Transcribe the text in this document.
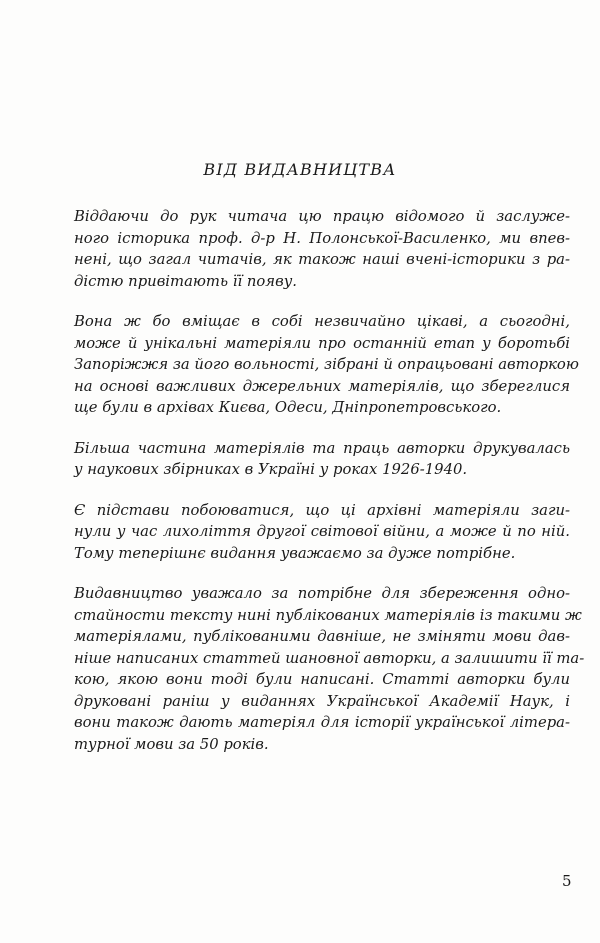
ВІД ВИДАВНИЦТВА

Віддаючи до рук читача цю працю відомого й заслуже-
ного історика проф. д-р Н. Полонської-Василенко, ми впев-
нені, що загал читачів, як також наші вчені-історики з ра-
дістю привітають її появу.

Вона ж бо вміщає в собі незвичайно цікаві, а сьогодні,
може й унікальні матеріяли про останній етап у боротьбі
Запоріжжя за його вольності, зібрані й опрацьовані авторкою
на основі важливих джерельних матеріялів, що збереглися
ще були в архівах Києва, Одеси, Дніпропетровського.

Більша частина матеріялів та праць авторки друкувалась
у наукових збірниках в Україні у роках 1926-1940.

Є підстави побоюватися, що ці архівні матеріяли заги-
нули у час лихоліття другої світової війни, а може й по ній.
Тому теперішнє видання уважаємо за дуже потрібне.

Видавництво уважало за потрібне для збереження одно-
стайности тексту нині публікованих матеріялів із такими ж
матеріялами, публікованими давніше, не зміняти мови дав-
ніше написаних статтей шановної авторки, а залишити її та-
кою, якою вони тоді були написані. Статті авторки були
друковані раніш у виданнях Української Академії Наук, і
вони також дають матеріял для історії української літера-
турної мови за 50 років.

5
